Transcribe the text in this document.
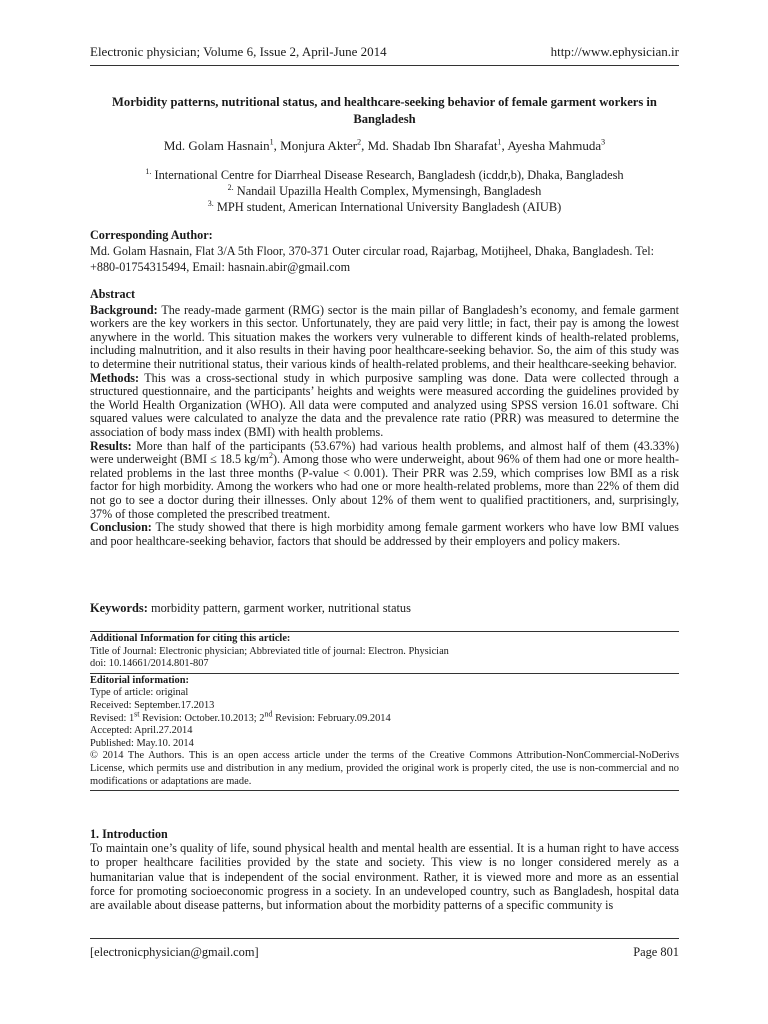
Electronic physician; Volume 6, Issue 2, April-June 2014	http://www.ephysician.ir
Morbidity patterns, nutritional status, and healthcare-seeking behavior of female garment workers in Bangladesh
Md. Golam Hasnain$^1$, Monjura Akter$^2$, Md. Shadab Ibn Sharafat$^1$, Ayesha Mahmuda$^3$
$^{1.}$ International Centre for Diarrheal Disease Research, Bangladesh (icddr,b), Dhaka, Bangladesh
$^{2.}$ Nandail Upazilla Health Complex, Mymensingh, Bangladesh
$^{3.}$ MPH student, American International University Bangladesh (AIUB)
Corresponding Author:
Md. Golam Hasnain, Flat 3/A 5th Floor, 370-371 Outer circular road, Rajarbag, Motijheel, Dhaka, Bangladesh. Tel: +880-01754315494, Email: hasnain.abir@gmail.com

Abstract

Background: The ready-made garment (RMG) sector is the main pillar of Bangladesh’s economy, and female garment workers are the key workers in this sector. Unfortunately, they are paid very little; in fact, their pay is among the lowest anywhere in the world. This situation makes the workers very vulnerable to different kinds of health-related problems, including malnutrition, and it also results in their having poor healthcare-seeking behavior. So, the aim of this study was to determine their nutritional status, their various kinds of health-related problems, and their healthcare-seeking behavior.

Methods: This was a cross-sectional study in which purposive sampling was done. Data were collected through a structured questionnaire, and the participants’ heights and weights were measured according the guidelines provided by the World Health Organization (WHO). All data were computed and analyzed using SPSS version 16.01 software. Chi squared values were calculated to analyze the data and the prevalence rate ratio (PRR) was measured to determine the association of body mass index (BMI) with health problems.

Results: More than half of the participants (53.67%) had various health problems, and almost half of them (43.33%) were underweight (BMI ≤ 18.5 $kg/m^2$). Among those who were underweight, about 96% of them had one or more health-related problems in the last three months (P-value < 0.001). Their PRR was 2.59, which comprises low BMI as a risk factor for high morbidity. Among the workers who had one or more health-related problems, more than 22% of them did not go to see a doctor during their illnesses. Only about 12% of them went to qualified practitioners, and, surprisingly, 37% of those completed the prescribed treatment.

Conclusion: The study showed that there is high morbidity among female garment workers who have low BMI values and poor healthcare-seeking behavior, factors that should be addressed by their employers and policy makers.

Keywords: morbidity pattern, garment worker, nutritional status
Additional Information for citing this article:
Title of Journal: Electronic physician; Abbreviated title of journal: Electron. Physician
doi: 10.14661/2014.801-807
Editorial information:
Type of article: original
Received: September.17.2013
Revised: 1st Revision: October.10.2013; 2nd Revision: February.09.2014
Accepted: April.27.2014
Published: May.10. 2014
© 2014 The Authors. This is an open access article under the terms of the Creative Commons Attribution-NonCommercial-NoDerivs License, which permits use and distribution in any medium, provided the original work is properly cited, the use is non-commercial and no modifications or adaptations are made.
1. Introduction
To maintain one’s quality of life, sound physical health and mental health are essential. It is a human right to have access to proper healthcare facilities provided by the state and society. This view is no longer considered merely as a humanitarian value that is independent of the social environment. Rather, it is viewed more and more as an essential force for promoting socioeconomic progress in a society. In an undeveloped country, such as Bangladesh, hospital data are available about disease patterns, but information about the morbidity patterns of a specific community is
[electronicphysician@gmail.com]	Page 801
